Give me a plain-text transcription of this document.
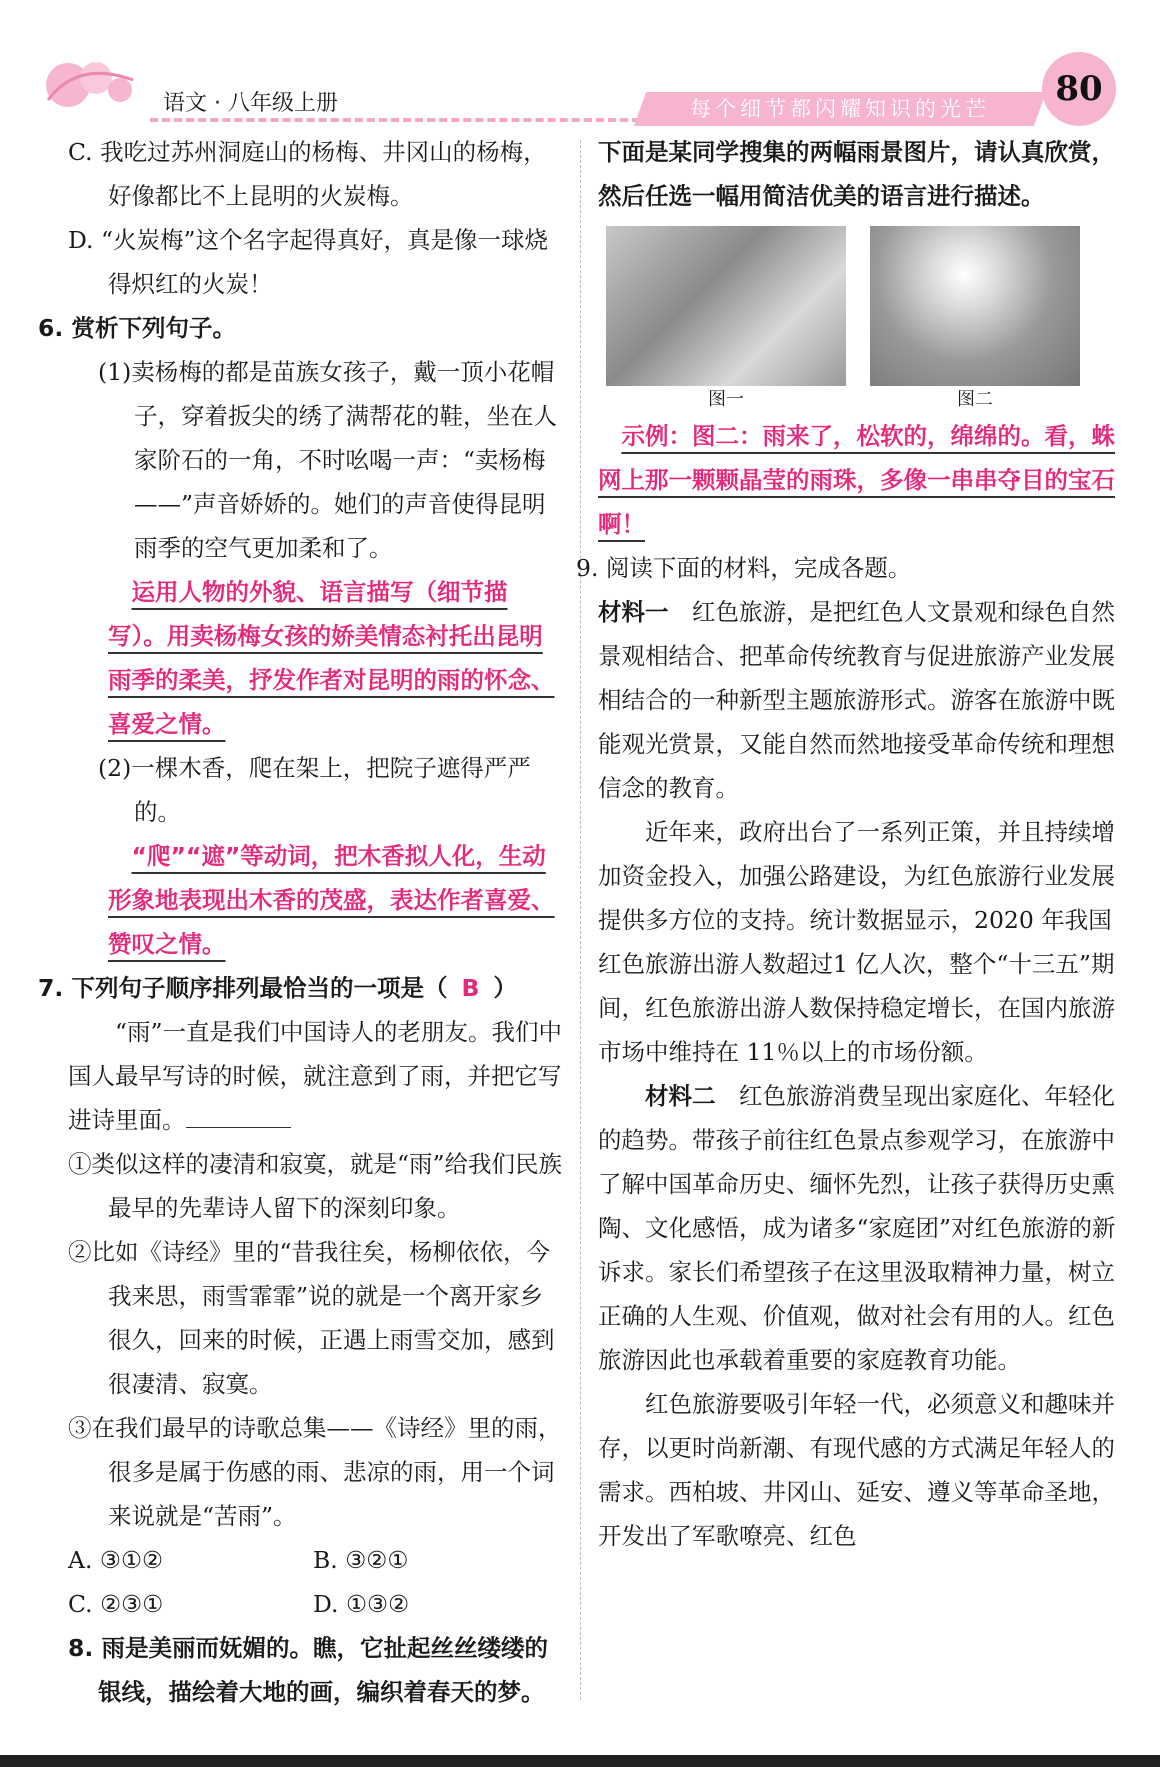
语文 · 八年级上册	每个细节都闪耀知识的光芒	80

C. 我吃过苏州洞庭山的杨梅、井冈山的杨梅，好像都比不上昆明的火炭梅。

D. “火炭梅”这个名字起得真好，真是像一球烧得炽红的火炭！

6. 赏析下列句子。

(1)卖杨梅的都是苗族女孩子，戴一顶小花帽子，穿着扳尖的绣了满帮花的鞋，坐在人家阶石的一角，不时吆喝一声：“卖杨梅——”声音娇娇的。她们的声音使得昆明雨季的空气更加柔和了。

运用人物的外貌、语言描写（细节描写）。用卖杨梅女孩的娇美情态衬托出昆明雨季的柔美，抒发作者对昆明的雨的怀念、喜爱之情。

(2)一棵木香，爬在架上，把院子遮得严严的。

“爬”“遮”等动词，把木香拟人化，生动形象地表现出木香的茂盛，表达作者喜爱、赞叹之情。

7. 下列句子顺序排列最恰当的一项是（ B ）

“雨”一直是我们中国诗人的老朋友。我们中国人最早写诗的时候，就注意到了雨，并把它写进诗里面。

①类似这样的凄清和寂寞，就是“雨”给我们民族最早的先辈诗人留下的深刻印象。

②比如《诗经》里的“昔我往矣，杨柳依依，今我来思，雨雪霏霏”说的就是一个离开家乡很久，回来的时候，正遇上雨雪交加，感到很凄清、寂寞。

③在我们最早的诗歌总集——《诗经》里的雨，很多是属于伤感的雨、悲凉的雨，用一个词来说就是“苦雨”。

A. ③①②	B. ③②①
C. ②③①	D. ①③②

8. 雨是美丽而妩媚的。瞧，它扯起丝丝缕缕的银线，描绘着大地的画，编织着春天的梦。

下面是某同学搜集的两幅雨景图片，请认真欣赏，然后任选一幅用简洁优美的语言进行描述。

图一	图二

示例：图二：雨来了，松软的，绵绵的。看，蛛网上那一颗颗晶莹的雨珠，多像一串串夺目的宝石啊！

9. 阅读下面的材料，完成各题。

材料一　 红色旅游，是把红色人文景观和绿色自然景观相结合、把革命传统教育与促进旅游产业发展相结合的一种新型主题旅游形式。游客在旅游中既能观光赏景，又能自然而然地接受革命传统和理想信念的教育。

近年来，政府出台了一系列正策，并且持续增加资金投入，加强公路建设，为红色旅游行业发展提供多方位的支持。统计数据显示，2020 年我国红色旅游出游人数超过1 亿人次，整个“十三五”期间，红色旅游出游人数保持稳定增长，在国内旅游市场中维持在 11％以上的市场份额。

材料二　 红色旅游消费呈现出家庭化、年轻化的趋势。带孩子前往红色景点参观学习，在旅游中了解中国革命历史、缅怀先烈，让孩子获得历史熏陶、文化感悟，成为诸多“家庭团”对红色旅游的新诉求。家长们希望孩子在这里汲取精神力量，树立正确的人生观、价值观，做对社会有用的人。红色旅游因此也承载着重要的家庭教育功能。

红色旅游要吸引年轻一代，必须意义和趣味并存，以更时尚新潮、有现代感的方式满足年轻人的需求。西柏坡、井冈山、延安、遵义等革命圣地，开发出了军歌嘹亮、红色
